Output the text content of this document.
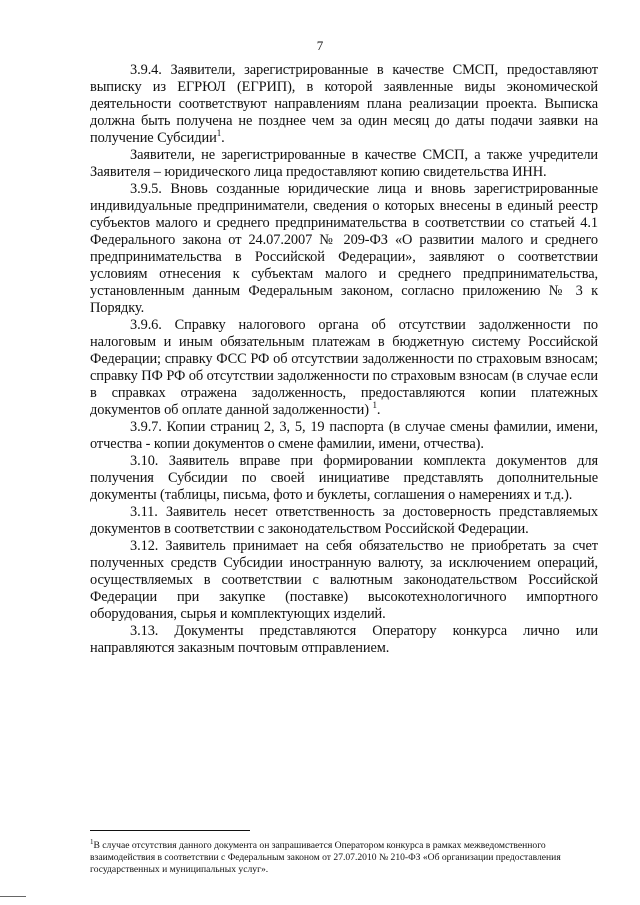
7

3.9.4. Заявители, зарегистрированные в качестве СМСП, предоставляют выписку из ЕГРЮЛ (ЕГРИП), в которой заявленные виды экономической деятельности соответствуют направлениям плана реализации проекта. Выписка должна быть получена не позднее чем за один месяц до даты подачи заявки на получение Субсидии$^1$.

Заявители, не зарегистрированные в качестве СМСП, а также учредители Заявителя – юридического лица предоставляют копию свидетельства ИНН.

3.9.5. Вновь созданные юридические лица и вновь зарегистрированные индивидуальные предприниматели, сведения о которых внесены в единый реестр субъектов малого и среднего предпринимательства в соответствии со статьей 4.1 Федерального закона от 24.07.2007 № 209-ФЗ «О развитии малого и среднего предпринимательства в Российской Федерации», заявляют о соответствии условиям отнесения к субъектам малого и среднего предпринимательства, установленным данным Федеральным законом, согласно приложению № 3 к Порядку.

3.9.6. Справку налогового органа об отсутствии задолженности по налоговым и иным обязательным платежам в бюджетную систему Российской Федерации; справку ФСС РФ об отсутствии задолженности по страховым взносам; справку ПФ РФ об отсутствии задолженности по страховым взносам (в случае если в справках отражена задолженность, предоставляются копии платежных документов об оплате данной задолженности) $^1$.

3.9.7. Копии страниц 2, 3, 5, 19 паспорта (в случае смены фамилии, имени, отчества - копии документов о смене фамилии, имени, отчества).

3.10. Заявитель вправе при формировании комплекта документов для получения Субсидии по своей инициативе представлять дополнительные документы (таблицы, письма, фото и буклеты, соглашения о намерениях и т.д.).

3.11. Заявитель несет ответственность за достоверность представляемых документов в соответствии с законодательством Российской Федерации.

3.12. Заявитель принимает на себя обязательство не приобретать за счет полученных средств Субсидии иностранную валюту, за исключением операций, осуществляемых в соответствии с валютным законодательством Российской Федерации при закупке (поставке) высокотехнологичного импортного оборудования, сырья и комплектующих изделий.

3.13. Документы представляются Оператору конкурса лично или направляются заказным почтовым отправлением.

$^1$В случае отсутствия данного документа он запрашивается Оператором конкурса в рамках межведомственного взаимодействия в соответствии с Федеральным законом от 27.07.2010 № 210-ФЗ «Об организации предоставления государственных и муниципальных услуг».
